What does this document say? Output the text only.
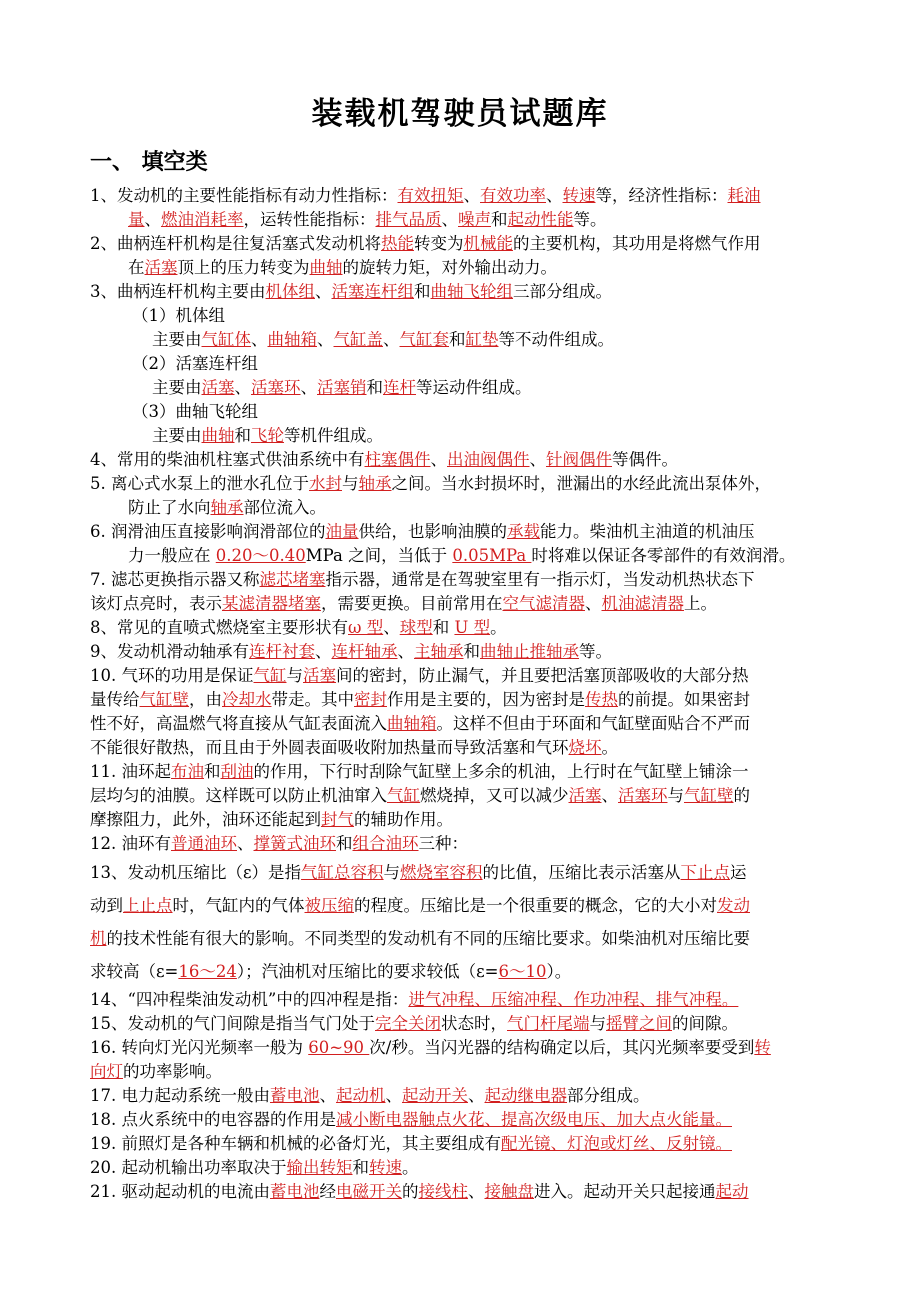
装载机驾驶员试题库
一、 填空类
1、发动机的主要性能指标有动力性指标：有效扭矩、有效功率、转速等，经济性指标：耗油
量、燃油消耗率，运转性能指标：排气品质、噪声和起动性能等。
2、曲柄连杆机构是往复活塞式发动机将热能转变为机械能的主要机构，其功用是将燃气作用
在活塞顶上的压力转变为曲轴的旋转力矩，对外输出动力。
3、曲柄连杆机构主要由机体组、活塞连杆组和曲轴飞轮组三部分组成。
（1）机体组
主要由气缸体、曲轴箱、气缸盖、气缸套和缸垫等不动件组成。
（2）活塞连杆组
主要由活塞、活塞环、活塞销和连杆等运动件组成。
（3）曲轴飞轮组
主要由曲轴和飞轮等机件组成。
4、常用的柴油机柱塞式供油系统中有柱塞偶件、出油阀偶件、针阀偶件等偶件。
5. 离心式水泵上的泄水孔位于水封与轴承之间。当水封损坏时，泄漏出的水经此流出泵体外，
防止了水向轴承部位流入。
6. 润滑油压直接影响润滑部位的油量供给，也影响油膜的承载能力。柴油机主油道的机油压
力一般应在 0.20～0.40MPa 之间，当低于 0.05MPa 时将难以保证各零部件的有效润滑。
7. 滤芯更换指示器又称滤芯堵塞指示器，通常是在驾驶室里有一指示灯，当发动机热状态下
该灯点亮时，表示某滤清器堵塞，需要更换。目前常用在空气滤清器、机油滤清器上。
8、常见的直喷式燃烧室主要形状有ω 型、球型和 U 型。
9、发动机滑动轴承有连杆衬套、连杆轴承、主轴承和曲轴止推轴承等。
10. 气环的功用是保证气缸与活塞间的密封，防止漏气，并且要把活塞顶部吸收的大部分热
量传给气缸壁，由冷却水带走。其中密封作用是主要的，因为密封是传热的前提。如果密封
性不好，高温燃气将直接从气缸表面流入曲轴箱。这样不但由于环面和气缸壁面贴合不严而
不能很好散热，而且由于外圆表面吸收附加热量而导致活塞和气环烧坏。
11. 油环起布油和刮油的作用，下行时刮除气缸壁上多余的机油，上行时在气缸壁上铺涂一
层均匀的油膜。这样既可以防止机油窜入气缸燃烧掉，又可以减少活塞、活塞环与气缸壁的
摩擦阻力，此外，油环还能起到封气的辅助作用。
12. 油环有普通油环、撑簧式油环和组合油环三种：
13、发动机压缩比（ε）是指气缸总容积与燃烧室容积的比值，压缩比表示活塞从下止点运
动到上止点时，气缸内的气体被压缩的程度。压缩比是一个很重要的概念，它的大小对发动
机的技术性能有很大的影响。不同类型的发动机有不同的压缩比要求。如柴油机对压缩比要
求较高（ε=16～24）；汽油机对压缩比的要求较低（ε=6～10）。
14、“四冲程柴油发动机”中的四冲程是指：进气冲程、压缩冲程、作功冲程、排气冲程。
15、发动机的气门间隙是指当气门处于完全关闭状态时，气门杆尾端与摇臂之间的间隙。
16. 转向灯光闪光频率一般为 60~90 次/秒。当闪光器的结构确定以后，其闪光频率要受到转
向灯的功率影响。
17. 电力起动系统一般由蓄电池、起动机、起动开关、起动继电器部分组成。
18. 点火系统中的电容器的作用是减小断电器触点火花、提高次级电压、加大点火能量。
19. 前照灯是各种车辆和机械的必备灯光，其主要组成有配光镜、灯泡或灯丝、反射镜。
20. 起动机输出功率取决于输出转矩和转速。
21. 驱动起动机的电流由蓄电池经电磁开关的接线柱、接触盘进入。起动开关只起接通起动
